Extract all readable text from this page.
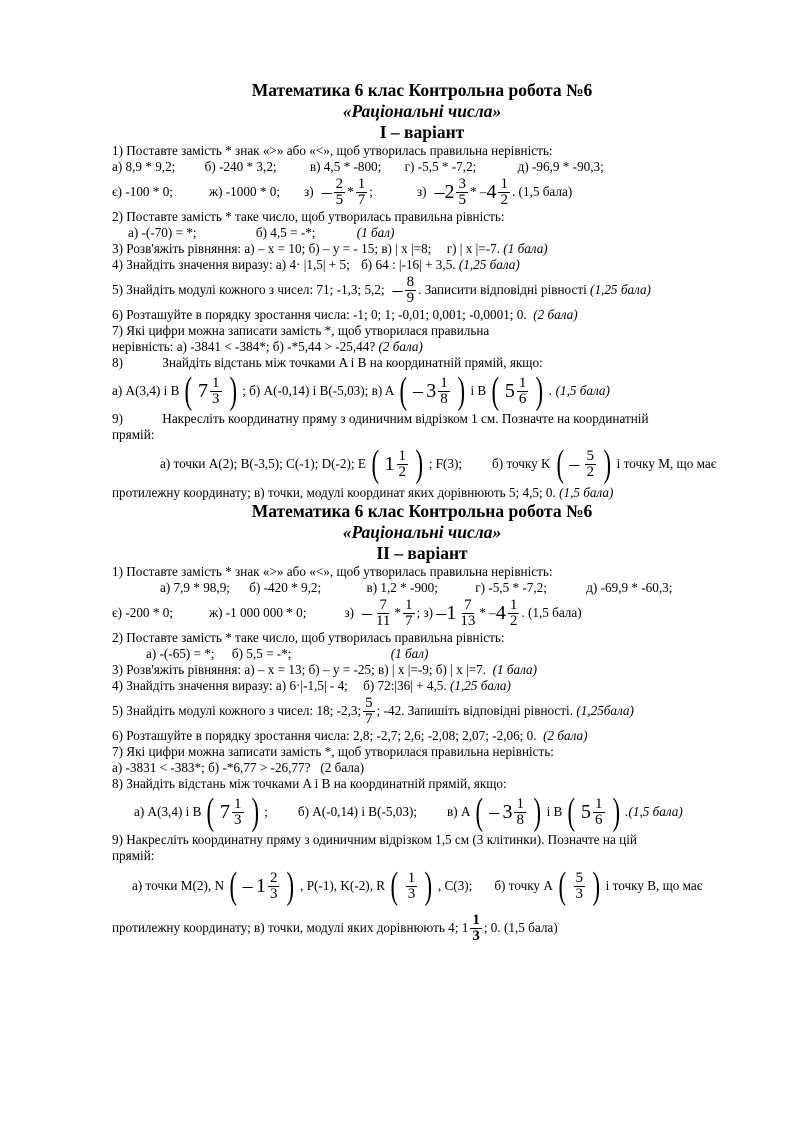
Математика 6 клас Контрольна робота №6
«Раціональні числа»
I – варіант
1) Поставте замість * знак «>» або «<», щоб утворилась правильна нерівність:
а) 8,9 * 9,2; б) -240 * 3,2;	в) 4,5 * -800; г) -5,5 * -7,2;	д) -96,9 * -90,3;
є) -100 * 0;	ж) -1000 * 0; $з) - \frac{2}{5} * \frac{1}{7}$ ;	$з) - 2 \frac{3}{5}$ * – $4 \frac{1}{2}$ . (1,5 бала)
2) Поставте замість * таке число, щоб утворилась правильна рівність:
а) -(-70) = *;	б) 4,5 = -*;	(1 бал)
3) Розв'яжіть рівняння: а) – x = 10; б) – y = - 15; в) | x |=8; г) | x |=-7. (1 бала)
4) Знайдіть значення виразу: а) 4· |1,5| + 5; б) 64 : |-16| + 3,5. (1,25 бала)
5) Знайдіть модулі кожного з чисел: 71; -1,3; 5,2; – $\frac{8}{9}$ . Записити відповідні рівності
(1,25 бала)
6) Розташуйте в порядку зростання числа: -1; 0; 1; -0,01; 0,001; -0,0001; 0. (2 бала)
7) Які цифри можна записати замість *, щоб утворилася правильна
нерівність: а) -3841 < -384*; б) -*5,44 > -25,44? (2 бала)
8)	Знайдіть відстань між точками A і B на координатній прямій, якщо:
а) A(3,4) і B ( $7 \frac{1}{3}$ ) ; б) A(-0,14) і B(-5,03); в) A ( –
$3 \frac{1}{8}$ ) і B ( $5 \frac{1}{6}$ ) . (1,5 бала)
9)	Накресліть координатну пряму з одиничним відрізком 1 см. Позначте на координатній
прямій:
а) точки A(2); B(-3,5); C(-1); D(-2); E ( $1 \frac{1}{2}$ ) ; F(3); б) точку K ( –
$\frac{5}{2}$ ) і точку M, що має
протилежну координату; в) точки, модулі координат яких дорівнюють 5; 4,5; 0. (1,5 бала)
Математика 6 клас Контрольна робота №6
«Раціональні числа»
II – варіант
1) Поставте замість * знак «>» або «<», щоб утворилась правильна нерівність:
а) 7,9 * 98,9; б) -420 * 9,2;	в) 1,2 * -900;	г) -5,5 * -7,2;	д) -69,9 * -60,3;
є) -200 * 0;	ж) -1 000 000 * 0;	$з) - \frac{7}{11} * \frac{1}{7}$ ; з)
– $1 \frac{7}{13}$ * – $4 \frac{1}{2}$ . (1,5 бала)
2) Поставте замість * таке число, щоб утворилась правильна рівність:
а) -(-65) = *; б) 5,5 = -*;	(1 бал)
3) Розв'яжіть рівняння: а) – x = 13; б) – y = -25; в) | x |=-9; б) | x |=7. (1 бала)
4) Знайдіть значення виразу: а) 6·|-1,5| - 4; б) 72:|36| + 4,5. (1,25 бала)
5) Знайдіть модулі кожного з чисел: 18; -2,3; $\frac{5}{7}$ ; -42. Запишіть відповідні рівності.
(1,25бала)
6) Розташуйте в порядку зростання числа: 2,8; -2,7; 2,6; -2,08; 2,07; -2,06; 0. (2 бала)
7) Які цифри можна записати замість *, щоб утворилася правильна нерівність:
а) -3831 < -383*; б) -*6,77 > -26,77? (2 бала)
8) Знайдіть відстань між точками A і B на координатній прямій, якщо:
а) A(3,4) і B ( $7 \frac{1}{3}$ ) ; б) A(-0,14) і B(-5,03); в) A ( –
$3 \frac{1}{8}$ ) і B ( $5 \frac{1}{6}$ ) .(1,5 бала)
9) Накресліть координатну пряму з одиничним відрізком 1,5 см (3 клітинки). Позначте на цій
прямій:
а) точки M(2), N ( –
$1 \frac{2}{3}$ ) , P(-1), K(-2), R ( $\frac{1}{3}$ ) , C(3); б) точку A ( $\frac{5}{3}$ ) і точку B, що має
протилежну координату; в) точки, модулі яких дорівнюють 4; $1 \frac{1}{3}$ ; 0. (1,5 бала)
